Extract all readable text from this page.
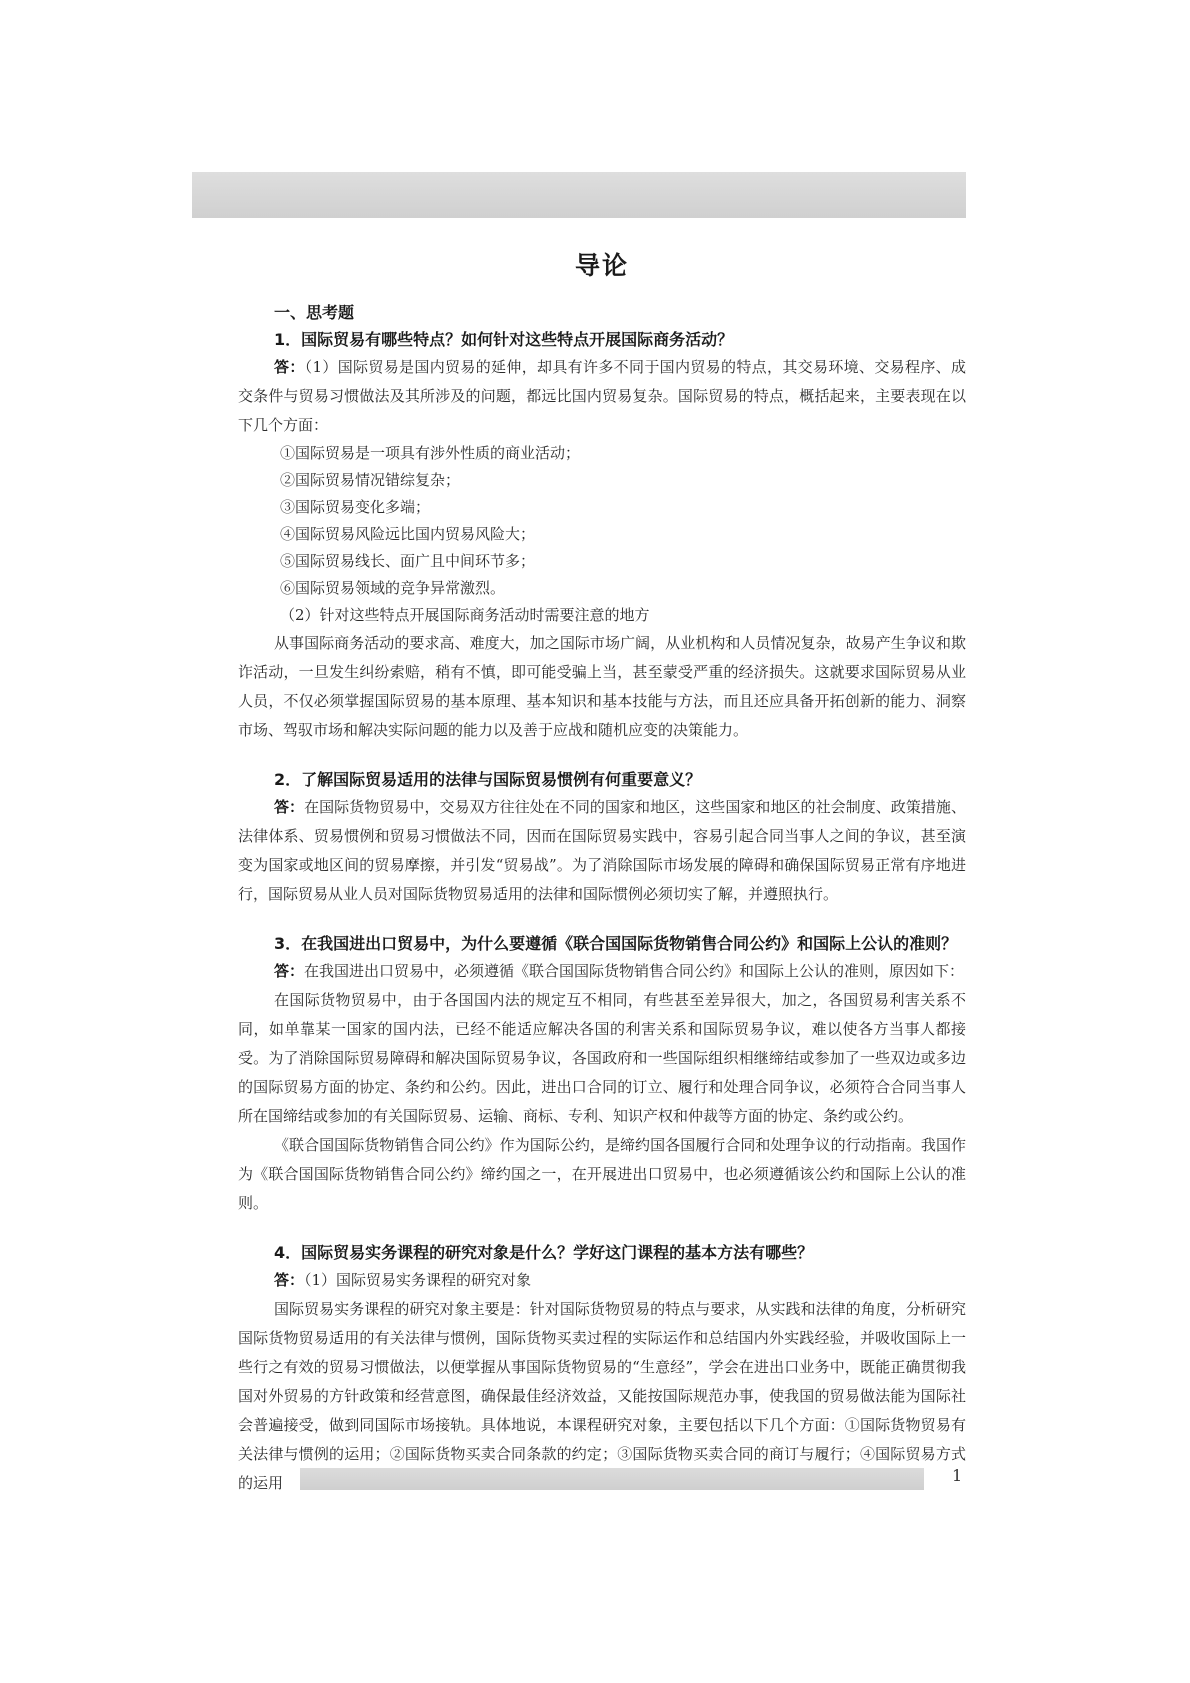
导论
一、思考题

1．国际贸易有哪些特点？如何针对这些特点开展国际商务活动？

答：（1）国际贸易是国内贸易的延伸，却具有许多不同于国内贸易的特点，其交易环境、交易程序、成交条件与贸易习惯做法及其所涉及的问题，都远比国内贸易复杂。国际贸易的特点，概括起来，主要表现在以下几个方面：

①国际贸易是一项具有涉外性质的商业活动；

②国际贸易情况错综复杂；

③国际贸易变化多端；

④国际贸易风险远比国内贸易风险大；

⑤国际贸易线长、面广且中间环节多；

⑥国际贸易领域的竞争异常激烈。

（2）针对这些特点开展国际商务活动时需要注意的地方

从事国际商务活动的要求高、难度大，加之国际市场广阔，从业机构和人员情况复杂，故易产生争议和欺诈活动，一旦发生纠纷索赔，稍有不慎，即可能受骗上当，甚至蒙受严重的经济损失。这就要求国际贸易从业人员，不仅必须掌握国际贸易的基本原理、基本知识和基本技能与方法，而且还应具备开拓创新的能力、洞察市场、驾驭市场和解决实际问题的能力以及善于应战和随机应变的决策能力。

2．了解国际贸易适用的法律与国际贸易惯例有何重要意义？

答：在国际货物贸易中，交易双方往往处在不同的国家和地区，这些国家和地区的社会制度、政策措施、法律体系、贸易惯例和贸易习惯做法不同，因而在国际贸易实践中，容易引起合同当事人之间的争议，甚至演变为国家或地区间的贸易摩擦，并引发“贸易战”。为了消除国际市场发展的障碍和确保国际贸易正常有序地进行，国际贸易从业人员对国际货物贸易适用的法律和国际惯例必须切实了解，并遵照执行。

3．在我国进出口贸易中，为什么要遵循《联合国国际货物销售合同公约》和国际上公认的准则？

答：在我国进出口贸易中，必须遵循《联合国国际货物销售合同公约》和国际上公认的准则，原因如下：

在国际货物贸易中，由于各国国内法的规定互不相同，有些甚至差异很大，加之，各国贸易利害关系不同，如单靠某一国家的国内法，已经不能适应解决各国的利害关系和国际贸易争议，难以使各方当事人都接受。为了消除国际贸易障碍和解决国际贸易争议，各国政府和一些国际组织相继缔结或参加了一些双边或多边的国际贸易方面的协定、条约和公约。因此，进出口合同的订立、履行和处理合同争议，必须符合合同当事人所在国缔结或参加的有关国际贸易、运输、商标、专利、知识产权和仲裁等方面的协定、条约或公约。

《联合国国际货物销售合同公约》作为国际公约，是缔约国各国履行合同和处理争议的行动指南。我国作为《联合国国际货物销售合同公约》缔约国之一，在开展进出口贸易中，也必须遵循该公约和国际上公认的准则。

4．国际贸易实务课程的研究对象是什么？学好这门课程的基本方法有哪些？

答：（1）国际贸易实务课程的研究对象

国际贸易实务课程的研究对象主要是：针对国际货物贸易的特点与要求，从实践和法律的角度，分析研究国际货物贸易适用的有关法律与惯例，国际货物买卖过程的实际运作和总结国内外实践经验，并吸收国际上一些行之有效的贸易习惯做法，以便掌握从事国际货物贸易的“生意经”，学会在进出口业务中，既能正确贯彻我国对外贸易的方针政策和经营意图，确保最佳经济效益，又能按国际规范办事，使我国的贸易做法能为国际社会普遍接受，做到同国际市场接轨。具体地说，本课程研究对象，主要包括以下几个方面：①国际货物贸易有关法律与惯例的运用；②国际货物买卖合同条款的约定；③国际货物买卖合同的商订与履行；④国际贸易方式的运用	1
